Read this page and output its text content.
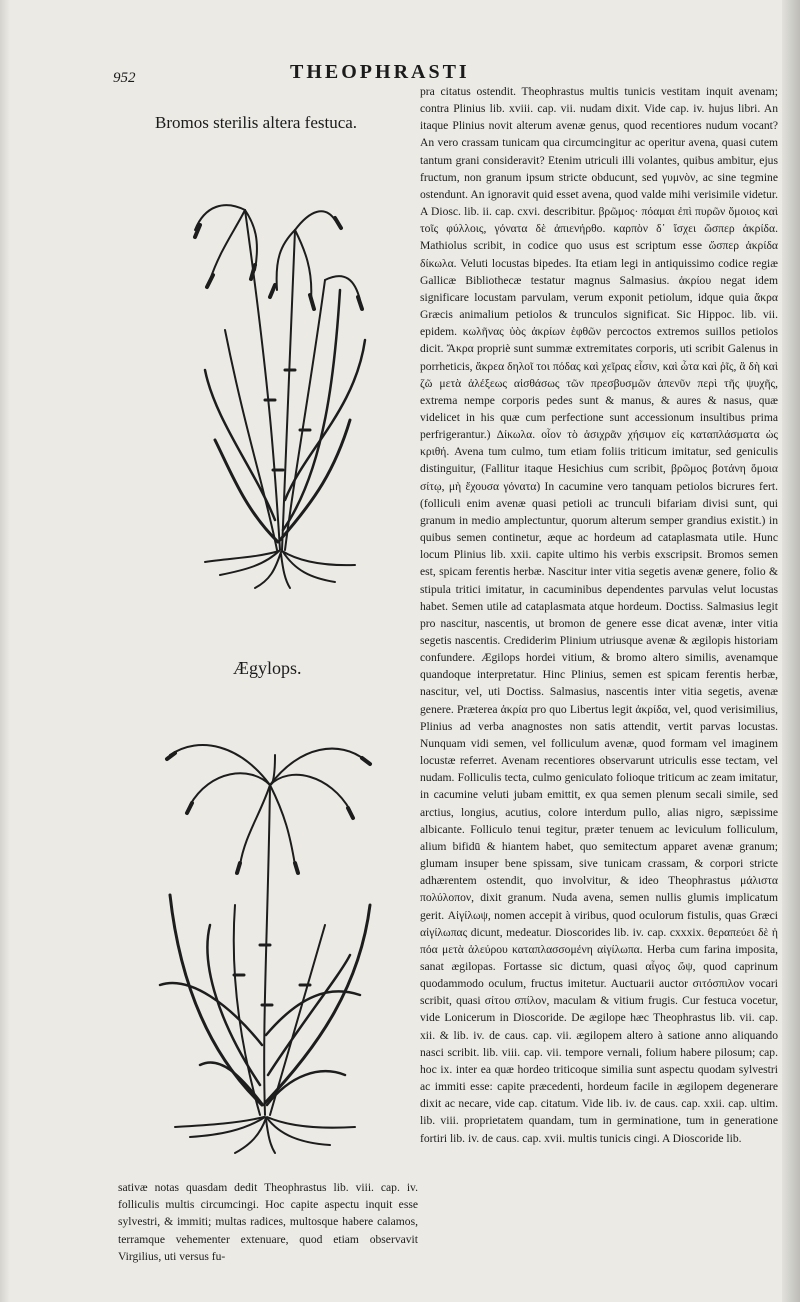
952	THEOPHRASTI
Bromos sterilis altera festuca.
Ægylops.

pra citatus ostendit. Theophrastus multis tunicis vestitam inquit avenam; contra Plinius lib. xviii. cap. vii. nudam dixit. Vide cap. iv. hujus libri. An itaque Plinius novit alterum avenæ genus, quod recentiores nudum vocant? An vero crassam tunicam qua circumcingitur ac operitur avena, quasi cutem tantum grani consideravit? Etenim utriculi illi volantes, quibus ambitur, ejus fructum, non granum ipsum stricte obducunt, sed γυμνὸν, ac sine tegmine ostendunt. An ignoravit quid esset avena, quod valde mihi verisimile videtur. A Diosc. lib. ii. cap. cxvi. describitur. βρῶμος· πόαμαι ἐπὶ πυρῶν ὅμοιος καὶ τοῖς φύλλοις, γόνατα δὲ ἀπιενήρθο. καρπὸν δ᾽ ἴσχει ὥσπερ ἀκρίδα. Mathiolus scribit, in codice quo usus est scriptum esse ὥσπερ ἀκρίδα δίκωλα. Veluti locustas bipedes. Ita etiam legi in antiquissimo codice regiæ Gallicæ Bibliothecæ testatur magnus Salmasius. ἀκρίου negat idem significare locustam parvulam, verum exponit petiolum, idque quia ἄκρα Græcis animalium petiolos & trunculos significat. Sic Hippoc. lib. vii. epidem. κωλῆνας ὑὸς ἀκρίων ἑφθῶν percoctos extremos suillos petiolos dicit. Ἄκρα propriè sunt summæ extremitates corporis, uti scribit Galenus in porrheticis, ἄκρεα δηλοῖ τοι πόδας καὶ χεῖρας εἶσιν, καὶ ὦτα καὶ ῥῖς, ἃ δὴ καὶ ζῶ μετὰ ἀλέξεως αἰσθάσως τῶν πρεσβυσμῶν ἀπενῦν περὶ τῆς ψυχῆς, extrema nempe corporis pedes sunt & manus, & aures & nasus, quæ videlicet in his quæ cum perfectione sunt accessionum insultibus prima perfrigerantur.) Δίκωλα. οἷον τὸ ἀσιχρᾶν χήσιμον εἰς καταπλάσματα ὡς κριθή. Avena tum culmo, tum etiam foliis triticum imitatur, sed geniculis distinguitur, (Fallitur itaque Hesichius cum scribit, βρῶμος βοτάνη ὅμοια σίτῳ, μὴ ἔχουσα γόνατα) In cacumine vero tanquam petiolos bicrures fert. (folliculi enim avenæ quasi petioli ac trunculi bifariam divisi sunt, qui granum in medio amplectuntur, quorum alterum semper grandius existit.) in quibus semen continetur, æque ac hordeum ad cataplasmata utile. Hunc locum Plinius lib. xxii. capite ultimo his verbis exscripsit. Bromos semen est, spicam ferentis herbæ. Nascitur inter vitia segetis avenæ genere, folio & stipula tritici imitatur, in cacuminibus dependentes parvulas velut locustas habet. Semen utile ad cataplasmata atque hordeum. Doctiss. Salmasius legit pro nascitur, nascentis, ut bromon de genere esse dicat avenæ, inter vitia segetis nascentis. Crediderim Plinium utriusque avenæ & ægilopis historiam confundere. Ægilops hordei vitium, & bromo altero similis, avenamque quandoque interpretatur. Hinc Plinius, semen est spicam ferentis herbæ, nascitur, vel, uti Doctiss. Salmasius, nascentis inter vitia segetis, avenæ genere. Præterea ἀκρία pro quo Libertus legit ἀκρίδα, vel, quod verisimilius, Plinius ad verba anagnostes non satis attendit, vertit parvas locustas. Nunquam vidi semen, vel folliculum avenæ, quod formam vel imaginem locustæ referret. Avenam recentiores observarunt utriculis esse tectam, vel nudam. Folliculis tecta, culmo geniculato folioque triticum ac zeam imitatur, in cacumine veluti jubam emittit, ex qua semen plenum secali simile, sed arctius, longius, acutius, colore interdum pullo, alias nigro, sæpissime albicante. Folliculo tenui tegitur, præter tenuem ac leviculum folliculum, alium bifidū & hiantem habet, quo semitectum apparet avenæ granum; glumam insuper bene spissam, sive tunicam crassam, & corpori stricte adhærentem ostendit, quo involvitur, & ideo Theophrastus μάλιστα πολύλοπον, dixit granum. Nuda avena, semen nullis glumis implicatum gerit. Αἰγίλωψ, nomen accepit à viribus, quod oculorum fistulis, quas Græci αἰγίλωπας dicunt, medeatur. Dioscorides lib. iv. cap. cxxxix. θεραπεύει δὲ ἡ πόα μετὰ ἀλεύρου καταπλασσομένη αἰγίλωπα. Herba cum farina imposita, sanat ægilopas. Fortasse sic dictum, quasi αἶγος ὤψ, quod caprinum quodammodo oculum, fructus imitetur. Auctuarii auctor σιτόσπιλον vocari scribit, quasi σίτου σπίλον, maculam & vitium frugis. Cur festuca vocetur, vide Lonicerum in Dioscoride. De ægilope hæc Theophrastus lib. vii. cap. xii. & lib. iv. de caus. cap. vii. ægilopem altero à satione anno aliquando nasci scribit. lib. viii. cap. vii. tempore vernali, folium habere pilosum; cap. hoc ix. inter ea quæ hordeo triticoque similia sunt aspectu quodam sylvestri ac immiti esse: capite præcedenti, hordeum facile in ægilopem degenerare dixit ac necare, vide cap. citatum. Vide lib. iv. de caus. cap. xxii. cap. ultim. lib. viii. proprietatem quandam, tum in germinatione, tum in generatione fortiri lib. iv. de caus. cap. xvii. multis tunicis cingi. A Dioscoride lib.

sativæ notas quasdam dedit Theophrastus lib. viii. cap. iv. folliculis multis circumcingi. Hoc capite aspectu inquit esse sylvestri, & immiti; multas radices, multosque habere calamos, terramque vehementer extenuare, quod etiam observavit Virgilius, uti versus fu-
